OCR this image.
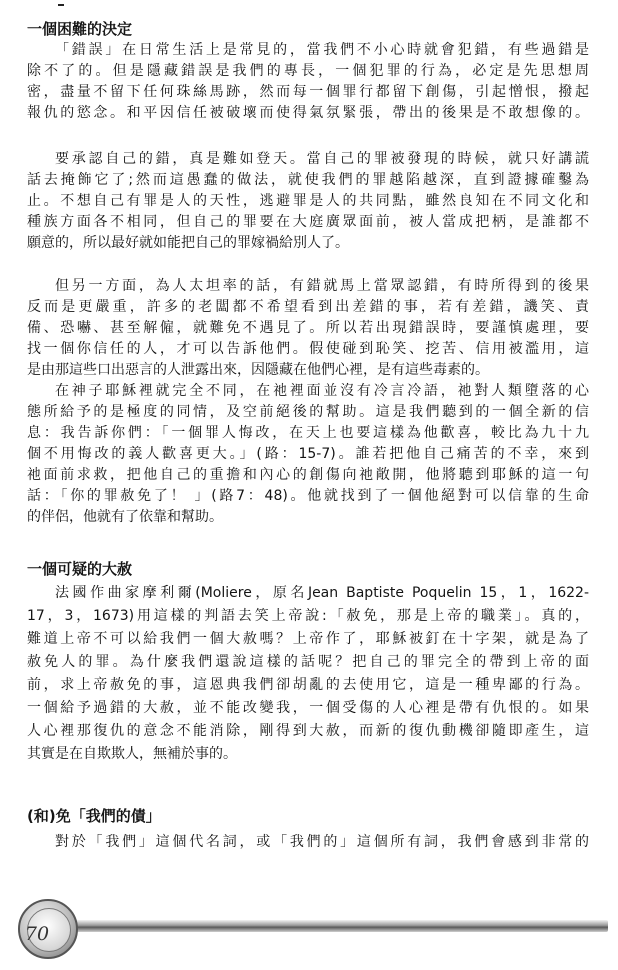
一個困難的決定
「錯誤」在日常生活上是常見的，當我們不小心時就會犯錯，有些過錯是
除不了的。但是隱藏錯誤是我們的專長，一個犯罪的行為，必定是先思想周
密，盡量不留下任何珠絲馬跡，然而每一個罪行都留下創傷，引起憎恨，撥起
報仇的慾念。和平因信任被破壞而使得氣氛緊張，帶出的後果是不敢想像的。
要承認自己的錯，真是難如登天。當自己的罪被發現的時候，就只好講謊
話去掩飾它了;然而這愚蠢的做法，就使我們的罪越陷越深，直到證據確鑿為
止。不想自己有罪是人的天性，逃避罪是人的共同點，雖然良知在不同文化和
種族方面各不相同，但自己的罪要在大庭廣眾面前，被人當成把柄，是誰都不
願意的，所以最好就如能把自己的罪嫁禍給別人了。
但另一方面，為人太坦率的話，有錯就馬上當眾認錯，有時所得到的後果
反而是更嚴重，許多的老闆都不希望看到出差錯的事，若有差錯，譏笑、責
備、恐嚇、甚至解僱，就難免不遇見了。所以若出現錯誤時，要謹慎處理，要
找一個你信任的人，才可以告訴他們。假使碰到恥笑、挖苦、信用被濫用，這
是由那這些口出惡言的人泄露出來，因隱藏在他們心裡，是有這些毒素的。
在神子耶穌裡就完全不同，在祂裡面並沒有冷言冷語，祂對人類墮落的心
態所給予的是極度的同情，及空前絕後的幫助。這是我們聽到的一個全新的信
息：我告訴你們：「一個罪人悔改，在天上也要這樣為他歡喜，較比為九十九
個不用悔改的義人歡喜更大。」(路：15-7)。誰若把他自己痛苦的不幸，來到
祂面前求救，把他自己的重擔和內心的創傷向祂敞開，他將聽到耶穌的這一句
話：「你的罪赦免了！ 」(路7：48)。他就找到了一個他絕對可以信靠的生命
的伴侶，他就有了依靠和幫助。
一個可疑的大赦
法國作曲家摩利爾(Moliere，原名Jean Baptiste Poquelin 15，1，1622-
17，3，1673)用這樣的判語去笑上帝說:「赦免，那是上帝的職業」。真的，
難道上帝不可以給我們一個大赦嗎？上帝作了，耶穌被釘在十字架，就是為了
赦免人的罪。為什麼我們還說這樣的話呢？把自己的罪完全的帶到上帝的面
前，求上帝赦免的事，這恩典我們卻胡亂的去使用它，這是一種卑鄙的行為。
一個給予過錯的大赦，並不能改變我，一個受傷的人心裡是帶有仇恨的。如果
人心裡那復仇的意念不能消除，剛得到大赦，而新的復仇動機卻隨即產生，這
其實是在自欺欺人，無補於事的。
(和)免「我們的債」
對於「我們」這個代名詞，或「我們的」這個所有詞，我們會感到非常的
70
